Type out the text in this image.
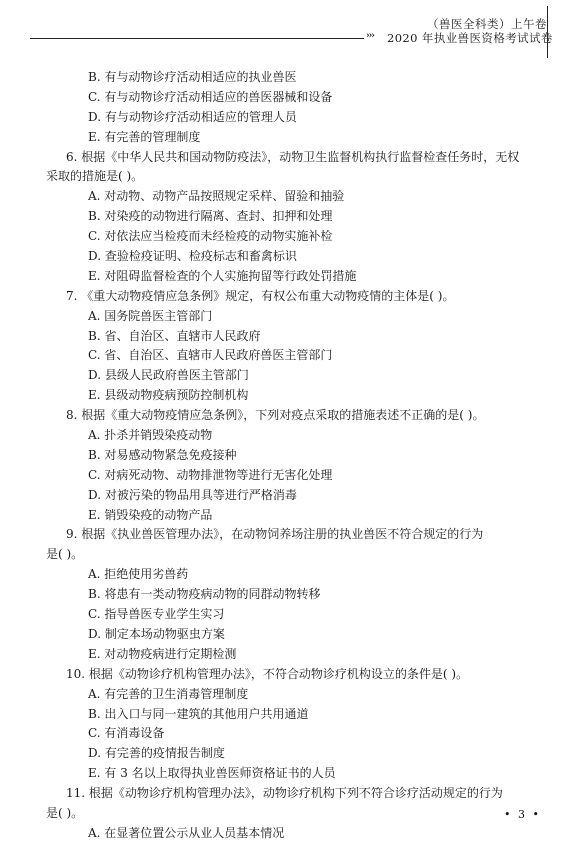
（兽医全科类）上午卷
››› 2020 年执业兽医资格考试试卷
B. 有与动物诊疗活动相适应的执业兽医
C. 有与动物诊疗活动相适应的兽医器械和设备
D. 有与动物诊疗活动相适应的管理人员
E. 有完善的管理制度
6. 根据《中华人民共和国动物防疫法》，动物卫生监督机构执行监督检查任务时，无权
采取的措施是( )。
A. 对动物、动物产品按照规定采样、留验和抽验
B. 对染疫的动物进行隔离、查封、扣押和处理
C. 对依法应当检疫而未经检疫的动物实施补检
D. 查验检疫证明、检疫标志和畜禽标识
E. 对阻碍监督检查的个人实施拘留等行政处罚措施
7. 《重大动物疫情应急条例》规定，有权公布重大动物疫情的主体是( )。
A. 国务院兽医主管部门
B. 省、自治区、直辖市人民政府
C. 省、自治区、直辖市人民政府兽医主管部门
D. 县级人民政府兽医主管部门
E. 县级动物疫病预防控制机构
8. 根据《重大动物疫情应急条例》，下列对疫点采取的措施表述不正确的是( )。
A. 扑杀并销毁染疫动物
B. 对易感动物紧急免疫接种
C. 对病死动物、动物排泄物等进行无害化处理
D. 对被污染的物品用具等进行严格消毒
E. 销毁染疫的动物产品
9. 根据《执业兽医管理办法》，在动物饲养场注册的执业兽医不符合规定的行为
是( )。
A. 拒绝使用劣兽药
B. 将患有一类动物疫病动物的同群动物转移
C. 指导兽医专业学生实习
D. 制定本场动物驱虫方案
E. 对动物疫病进行定期检测
10. 根据《动物诊疗机构管理办法》，不符合动物诊疗机构设立的条件是( )。
A. 有完善的卫生消毒管理制度
B. 出入口与同一建筑的其他用户共用通道
C. 有消毒设备
D. 有完善的疫情报告制度
E. 有 3 名以上取得执业兽医师资格证书的人员
11. 根据《动物诊疗机构管理办法》，动物诊疗机构下列不符合诊疗活动规定的行为
是( )。
A. 在显著位置公示从业人员基本情况
• 3 •
